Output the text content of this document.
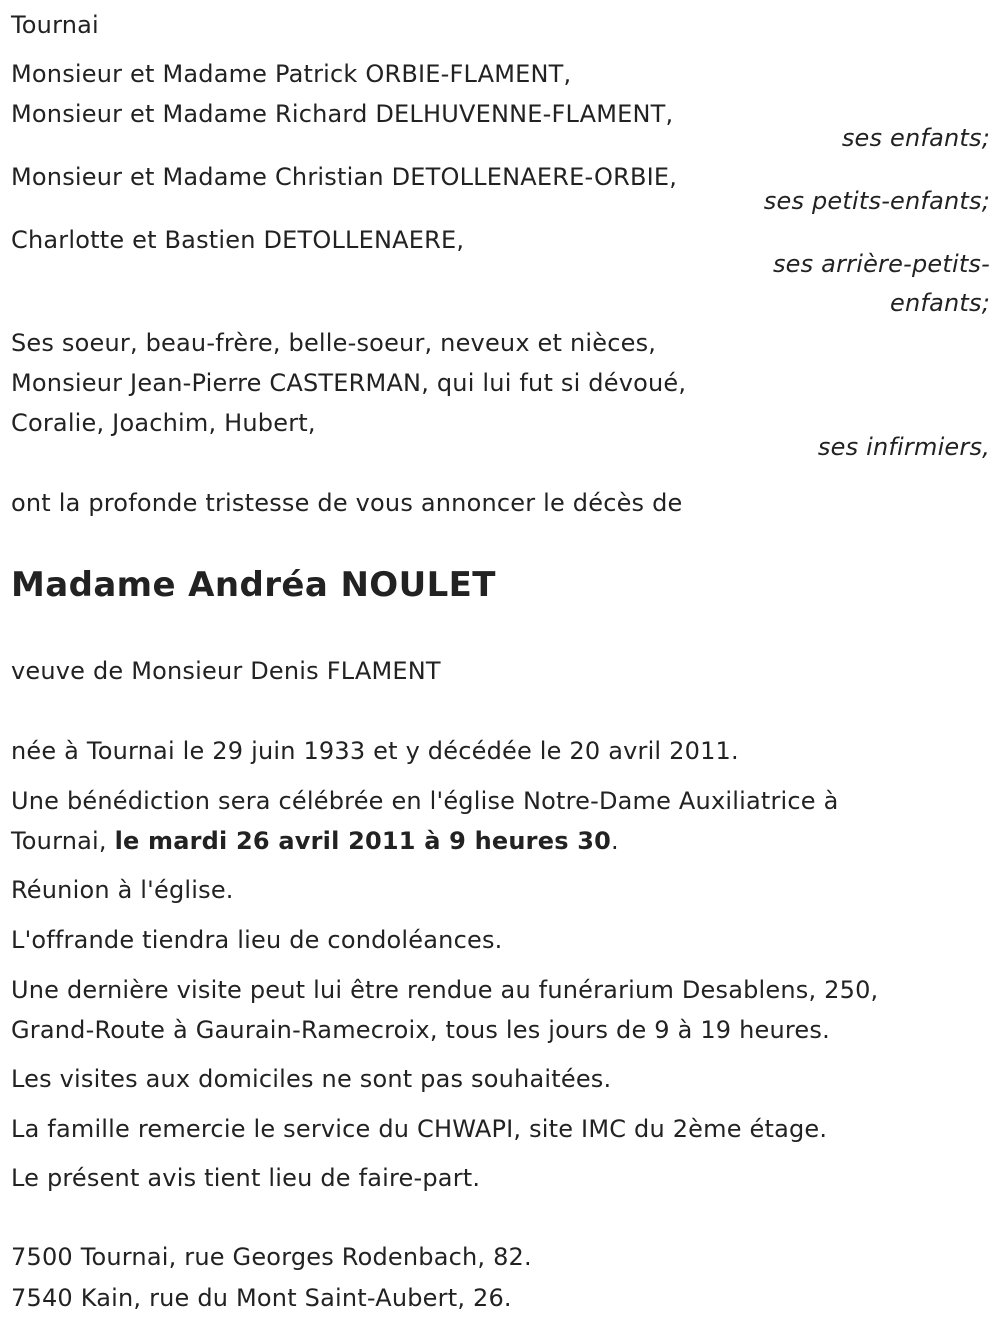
Tournai
Monsieur et Madame Patrick ORBIE-FLAMENT,
Monsieur et Madame Richard DELHUVENNE-FLAMENT,
ses enfants;
Monsieur et Madame Christian DETOLLENAERE-ORBIE,
ses petits-enfants;
Charlotte et Bastien DETOLLENAERE,
ses arrière-petits-
enfants;
Ses soeur, beau-frère, belle-soeur, neveux et nièces,
Monsieur Jean-Pierre CASTERMAN, qui lui fut si dévoué,
Coralie, Joachim, Hubert,
ses infirmiers,
ont la profonde tristesse de vous annoncer le décès de
Madame Andréa NOULET
veuve de Monsieur Denis FLAMENT
née à Tournai le 29 juin 1933 et y décédée le 20 avril 2011.
Une bénédiction sera célébrée en l'église Notre-Dame Auxiliatrice à
Tournai, le mardi 26 avril 2011 à 9 heures 30.
Réunion à l'église.
L'offrande tiendra lieu de condoléances.
Une dernière visite peut lui être rendue au funérarium Desablens, 250,
Grand-Route à Gaurain-Ramecroix, tous les jours de 9 à 19 heures.
Les visites aux domiciles ne sont pas souhaitées.
La famille remercie le service du CHWAPI, site IMC du 2ème étage.
Le présent avis tient lieu de faire-part.
7500 Tournai, rue Georges Rodenbach, 82.
7540 Kain, rue du Mont Saint-Aubert, 26.
